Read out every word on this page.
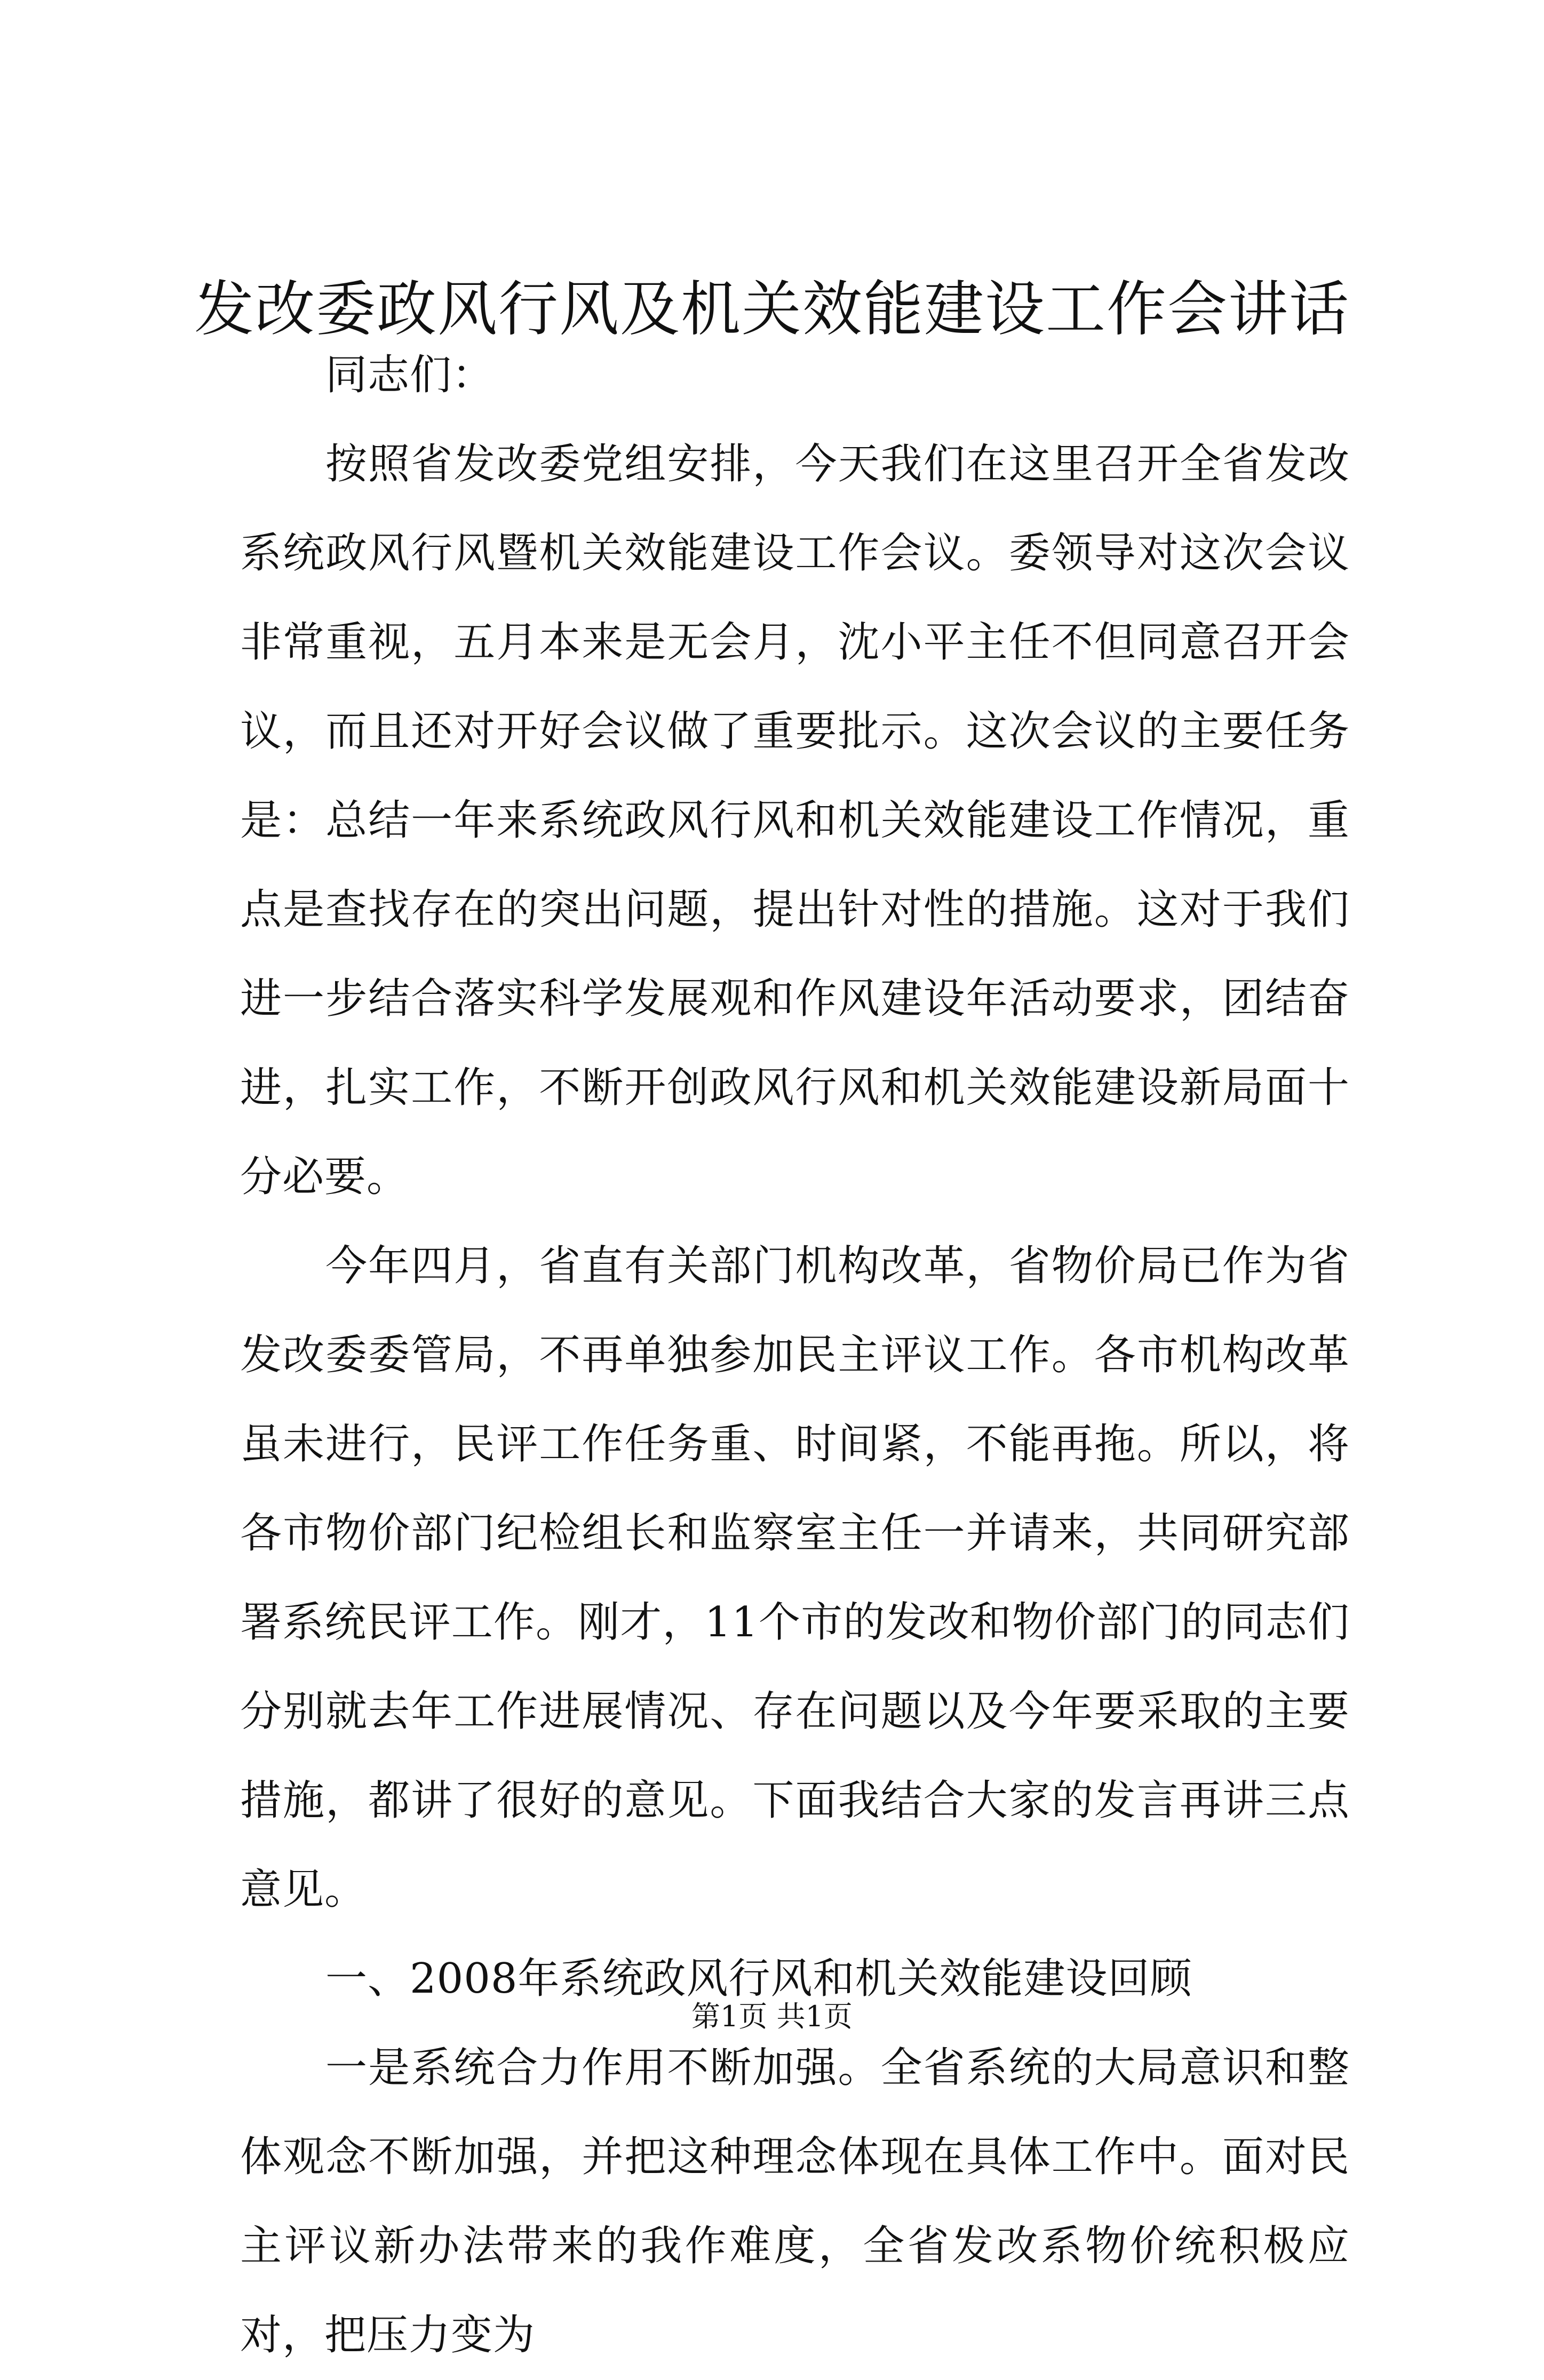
发改委政风行风及机关效能建设工作会讲话

同志们：

按照省发改委党组安排，今天我们在这里召开全省发改系统政风行风暨机关效能建设工作会议。委领导对这次会议非常重视，五月本来是无会月，沈小平主任不但同意召开会议，而且还对开好会议做了重要批示。这次会议的主要任务是：总结一年来系统政风行风和机关效能建设工作情况，重点是查找存在的突出问题，提出针对性的措施。这对于我们进一步结合落实科学发展观和作风建设年活动要求，团结奋进，扎实工作，不断开创政风行风和机关效能建设新局面十分必要。

今年四月，省直有关部门机构改革，省物价局已作为省发改委委管局，不再单独参加民主评议工作。各市机构改革虽未进行，民评工作任务重、时间紧，不能再拖。所以，将各市物价部门纪检组长和监察室主任一并请来，共同研究部署系统民评工作。刚才，11个市的发改和物价部门的同志们分别就去年工作进展情况、存在问题以及今年要采取的主要措施，都讲了很好的意见。下面我结合大家的发言再讲三点意见。

一、2008年系统政风行风和机关效能建设回顾

一是系统合力作用不断加强。全省系统的大局意识和整体观念不断加强，并把这种理念体现在具体工作中。面对民主评议新办法带来的我作难度，全省发改系物价统积极应对，把压力变为

第1页 共1页
